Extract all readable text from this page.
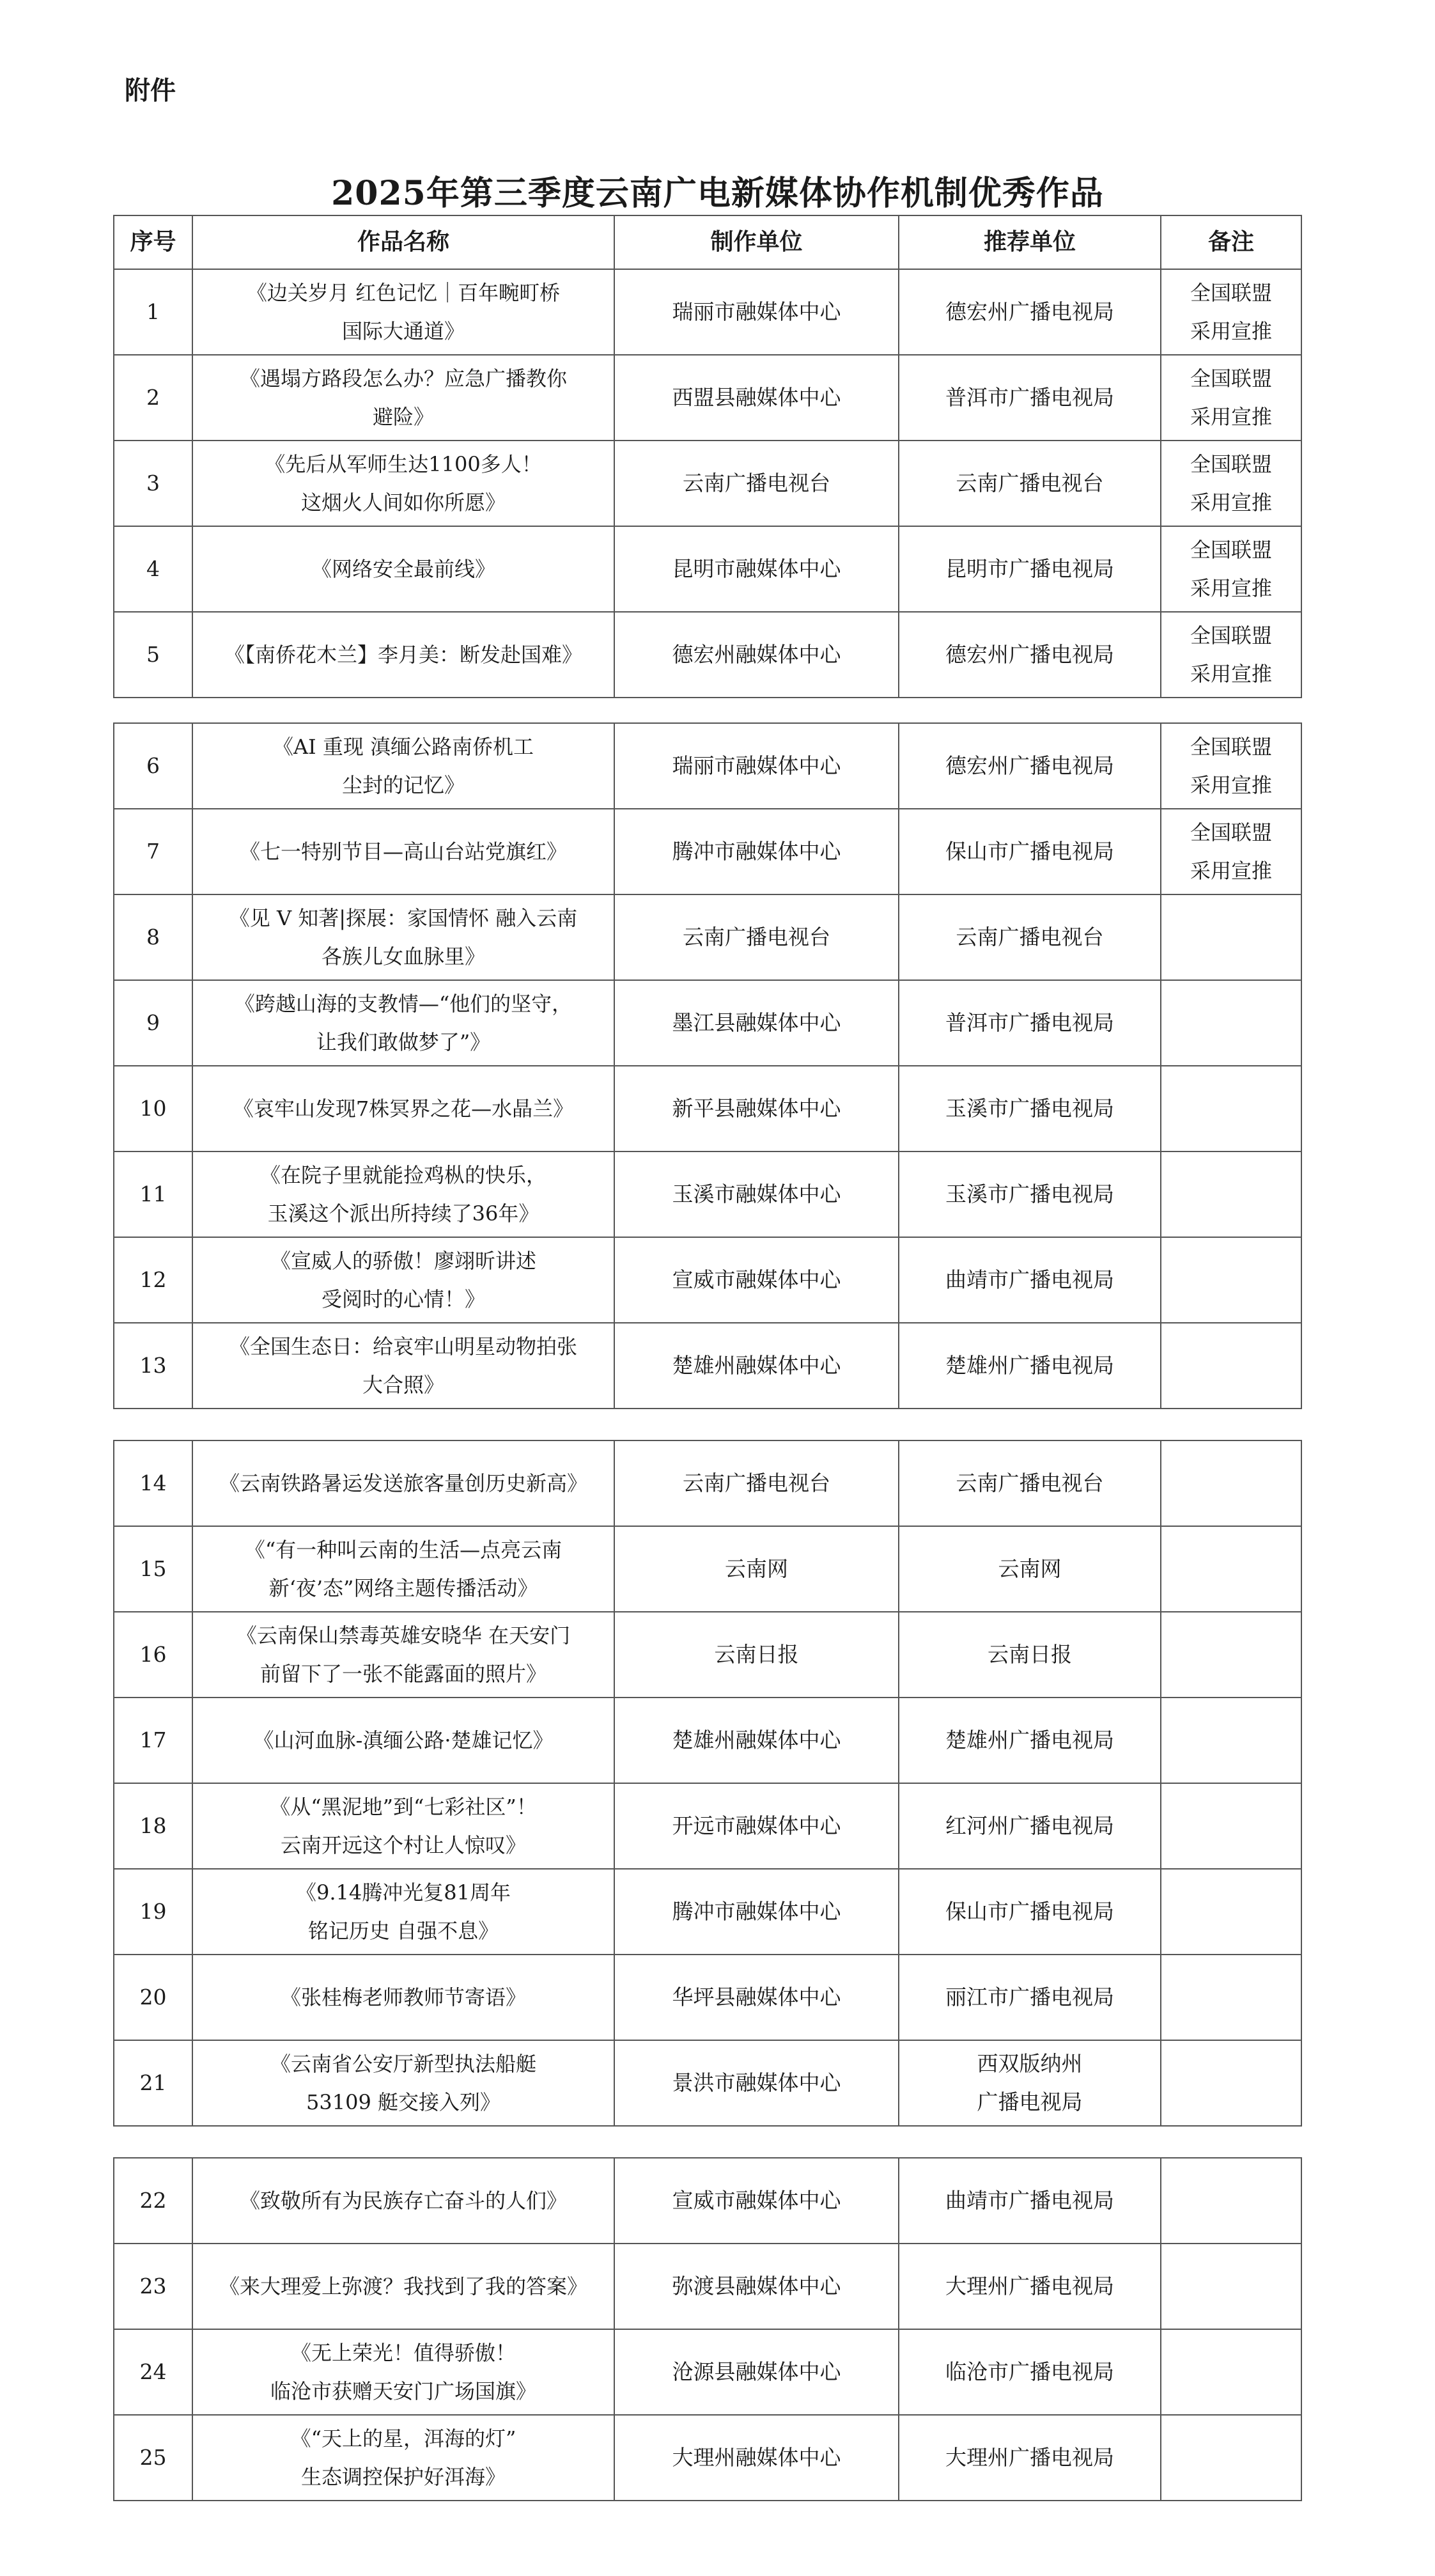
附件
2025年第三季度云南广电新媒体协作机制优秀作品
序号	作品名称	制作单位	推荐单位	备注
1	《边关岁月 红色记忆｜百年畹町桥
国际大通道》	瑞丽市融媒体中心	德宏州广播电视局	全国联盟
采用宣推

2	《遇塌方路段怎么办？应急广播教你
避险》	西盟县融媒体中心	普洱市广播电视局	全国联盟
采用宣推

3	《先后从军师生达1100多人！
这烟火人间如你所愿》	云南广播电视台	云南广播电视台	全国联盟
采用宣推

4	《网络安全最前线》	昆明市融媒体中心	昆明市广播电视局	全国联盟
采用宣推

5	《【南侨花木兰】李月美：断发赴国难》	德宏州融媒体中心	德宏州广播电视局	全国联盟
采用宣推
6	《AI 重现 滇缅公路南侨机工
尘封的记忆》	瑞丽市融媒体中心	德宏州广播电视局	全国联盟
采用宣推

7	《七一特别节目—高山台站党旗红》	腾冲市融媒体中心	保山市广播电视局	全国联盟
采用宣推

8	《见 V 知著|探展：家国情怀 融入云南
各族儿女血脉里》	云南广播电视台	云南广播电视台	

9	《跨越山海的支教情—“他们的坚守，
让我们敢做梦了”》	墨江县融媒体中心	普洱市广播电视局	

10	《哀牢山发现7株冥界之花—水晶兰》	新平县融媒体中心	玉溪市广播电视局	

11	《在院子里就能捡鸡枞的快乐，
玉溪这个派出所持续了36年》	玉溪市融媒体中心	玉溪市广播电视局	

12	《宣威人的骄傲！廖翊昕讲述
受阅时的心情！》	宣威市融媒体中心	曲靖市广播电视局	

13	《全国生态日：给哀牢山明星动物拍张
大合照》	楚雄州融媒体中心	楚雄州广播电视局	

14	《云南铁路暑运发送旅客量创历史新高》	云南广播电视台	云南广播电视台	

15	《“有一种叫云南的生活—点亮云南
新‘夜’态”网络主题传播活动》	云南网	云南网	

16	《云南保山禁毒英雄安晓华 在天安门
前留下了一张不能露面的照片》	云南日报	云南日报	

17	《山河血脉-滇缅公路·楚雄记忆》	楚雄州融媒体中心	楚雄州广播电视局	

18	《从“黑泥地”到“七彩社区”！
云南开远这个村让人惊叹》	开远市融媒体中心	红河州广播电视局	

19	《9.14腾冲光复81周年
铭记历史 自强不息》	腾冲市融媒体中心	保山市广播电视局	

20	《张桂梅老师教师节寄语》	华坪县融媒体中心	丽江市广播电视局	

21	《云南省公安厅新型执法船艇
53109 艇交接入列》	景洪市融媒体中心	西双版纳州
广播电视局	

22	《致敬所有为民族存亡奋斗的人们》	宣威市融媒体中心	曲靖市广播电视局	

23	《来大理爱上弥渡？我找到了我的答案》	弥渡县融媒体中心	大理州广播电视局	

24	《无上荣光！值得骄傲！
临沧市获赠天安门广场国旗》	沧源县融媒体中心	临沧市广播电视局	

25	《“天上的星，洱海的灯”
生态调控保护好洱海》	大理州融媒体中心	大理州广播电视局	
